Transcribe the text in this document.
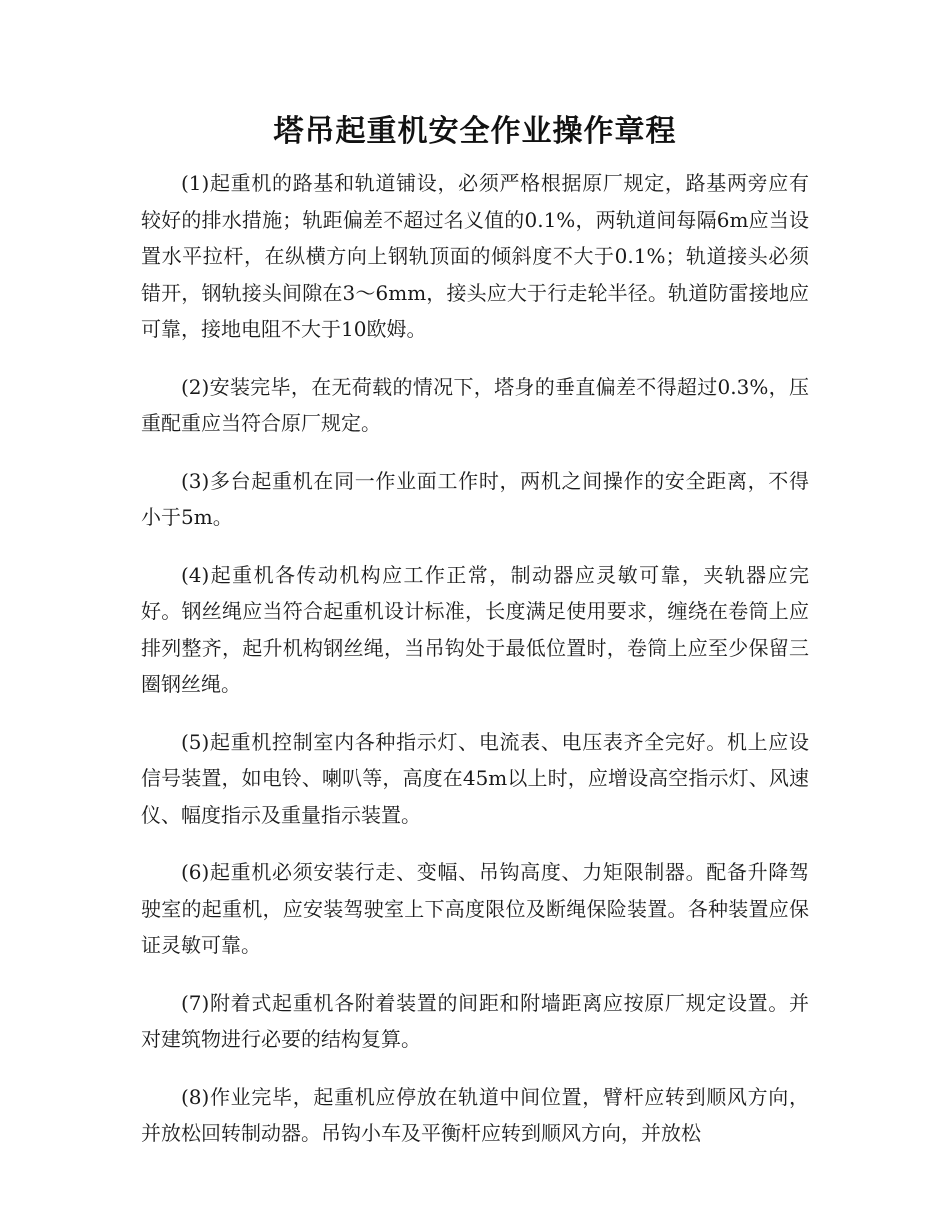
塔吊起重机安全作业操作章程

(1)起重机的路基和轨道铺设，必须严格根据原厂规定，路基两旁应有较好的排水措施；轨距偏差不超过名义值的0.1%，两轨道间每隔6m应当设置水平拉杆，在纵横方向上钢轨顶面的倾斜度不大于0.1%；轨道接头必须错开，钢轨接头间隙在3～6mm，接头应大于行走轮半径。轨道防雷接地应可靠，接地电阻不大于10欧姆。

(2)安装完毕，在无荷载的情况下，塔身的垂直偏差不得超过0.3%，压重配重应当符合原厂规定。

(3)多台起重机在同一作业面工作时，两机之间操作的安全距离，不得小于5m。

(4)起重机各传动机构应工作正常，制动器应灵敏可靠，夹轨器应完好。钢丝绳应当符合起重机设计标准，长度满足使用要求，缠绕在卷筒上应排列整齐，起升机构钢丝绳，当吊钩处于最低位置时，卷筒上应至少保留三圈钢丝绳。

(5)起重机控制室内各种指示灯、电流表、电压表齐全完好。机上应设信号装置，如电铃、喇叭等，高度在45m以上时，应增设高空指示灯、风速仪、幅度指示及重量指示装置。

(6)起重机必须安装行走、变幅、吊钩高度、力矩限制器。配备升降驾驶室的起重机，应安装驾驶室上下高度限位及断绳保险装置。各种装置应保证灵敏可靠。

(7)附着式起重机各附着装置的间距和附墙距离应按原厂规定设置。并对建筑物进行必要的结构复算。

(8)作业完毕，起重机应停放在轨道中间位置，臂杆应转到顺风方向，并放松回转制动器。吊钩小车及平衡杆应转到顺风方向，并放松
